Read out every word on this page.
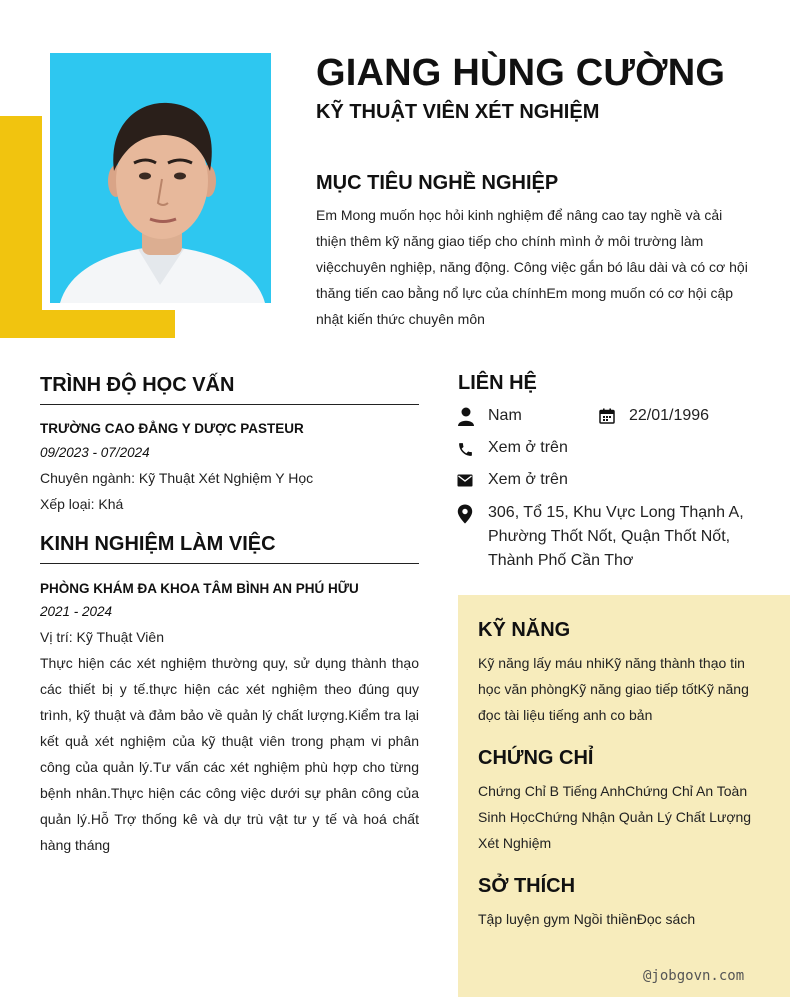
GIANG HÙNG CƯỜNG
KỸ THUẬT VIÊN XÉT NGHIỆM
MỤC TIÊU NGHỀ NGHIỆP
Em Mong muốn học hỏi kinh nghiệm để nâng cao tay nghề và cải thiện thêm kỹ năng giao tiếp cho chính mình ở môi trường làm việcchuyên nghiệp, năng động. Công việc gắn bó lâu dài và có cơ hội thăng tiến cao bằng nổ lực của chínhEm mong muốn có cơ hội cập nhật kiến thức chuyên môn
TRÌNH ĐỘ HỌC VẤN
TRƯỜNG CAO ĐẲNG Y DƯỢC PASTEUR
09/2023 - 07/2024
Chuyên ngành: Kỹ Thuật Xét Nghiệm Y Học
Xếp loại: Khá
KINH NGHIỆM LÀM VIỆC
PHÒNG KHÁM ĐA KHOA TÂM BÌNH AN PHÚ HỮU
2021 - 2024
Vị trí: Kỹ Thuật Viên
Thực hiện các xét nghiệm thường quy, sử dụng thành thạo các thiết bị y tế.thực hiện các xét nghiệm theo đúng quy trình, kỹ thuật và đảm bảo về quản lý chất lượng.Kiểm tra lại kết quả xét nghiệm của kỹ thuật viên trong phạm vi phân công của quản lý.Tư vấn các xét nghiệm phù hợp cho từng bệnh nhân.Thực hiện các công việc dưới sự phân công của quản lý.Hỗ Trợ thống kê và dự trù vật tư y tế và hoá chất hàng tháng
LIÊN HỆ
Nam	22/01/1996
Xem ở trên
Xem ở trên
306, Tổ 15, Khu Vực Long Thạnh A, Phường Thốt Nốt, Quận Thốt Nốt, Thành Phố Cần Thơ
KỸ NĂNG
Kỹ năng lấy máu nhiKỹ năng thành thạo tin học văn phòngKỹ năng giao tiếp tốtKỹ năng đọc tài liệu tiếng anh co bản
CHỨNG CHỈ
Chứng Chỉ B Tiếng AnhChứng Chỉ An Toàn Sinh HọcChứng Nhận Quản Lý Chất Lượng Xét Nghiệm
SỞ THÍCH
Tập luyện gym Ngồi thiềnĐọc sách
@jobgovn.com
